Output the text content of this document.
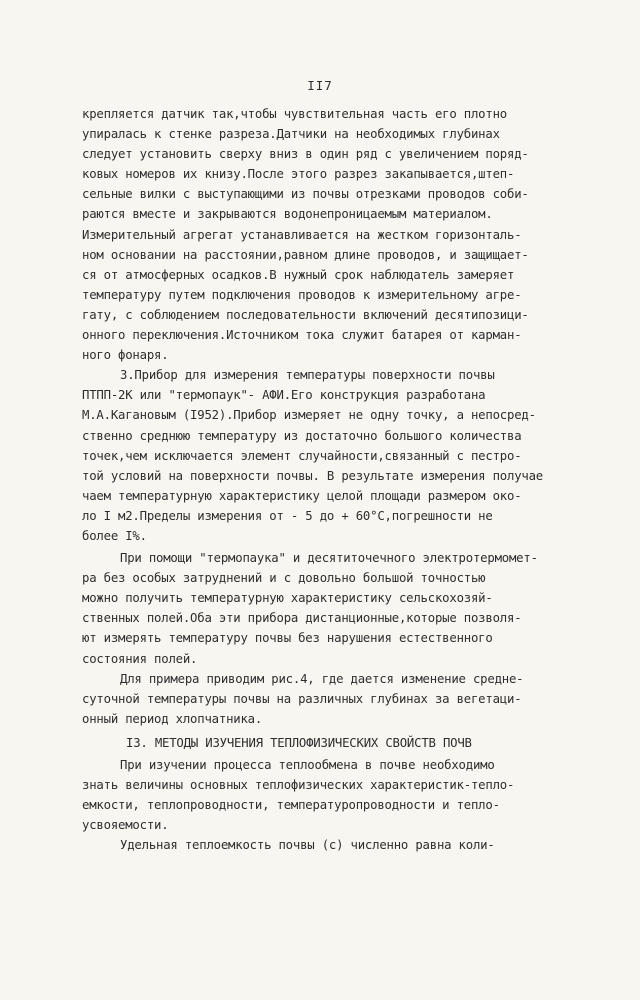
II7
крепляется датчик так,чтобы чувствительная часть его плотно
упиралась к стенке разреза.Датчики на необходимых глубинах
следует установить сверху вниз в один ряд с увеличением поряд-
ковых номеров их книзу.После этого разрез закапывается,штеп-
сельные вилки с выступающими из почвы отрезками проводов соби-
раются вместе и закрываются водонепроницаемым материалом.
Измерительный агрегат устанавливается на жестком горизонталь-
ном основании на расстоянии,равном длине проводов, и защищает-
ся от атмосферных осадков.В нужный срок наблюдатель замеряет
температуру путем подключения проводов к измерительному агре-
гату, с соблюдением последовательности включений десятипозици-
онного переключения.Источником тока служит батарея от карман-
ного фонаря.
3.Прибор для измерения температуры поверхности почвы
ПТПП-2К или "термопаук"- АФИ.Его конструкция разработана
М.А.Кагановым (I952).Прибор измеряет не одну точку, а непосред-
ственно среднюю температуру из достаточно большого количества
точек,чем исключается элемент случайности,связанный с пестро-
той условий на поверхности почвы. В результате измерения получае
чаем температурную характеристику целой площади размером око-
ло I м2.Пределы измерения от - 5 до + 60°С,погрешности не
более I%.
При помощи "термопаука" и десятиточечного электротермомет-
ра без особых затруднений и с довольно большой точностью
можно получить температурную характеристику сельскохозяй-
ственных полей.Оба эти прибора дистанционные,которые позволя-
ют измерять температуру почвы без нарушения естественного
состояния полей.
Для примера приводим рис.4, где дается изменение средне-
суточной температуры почвы на различных глубинах за вегетаци-
онный период хлопчатника.
I3. МЕТОДЫ ИЗУЧЕНИЯ ТЕПЛОФИЗИЧЕСКИХ СВОЙСТВ ПОЧВ
При изучении процесса теплообмена в почве необходимо
знать величины основных теплофизических характеристик-тепло-
емкости, теплопроводности, температуропроводности и тепло-
усвояемости.
Удельная теплоемкость почвы (с) численно равна коли-
